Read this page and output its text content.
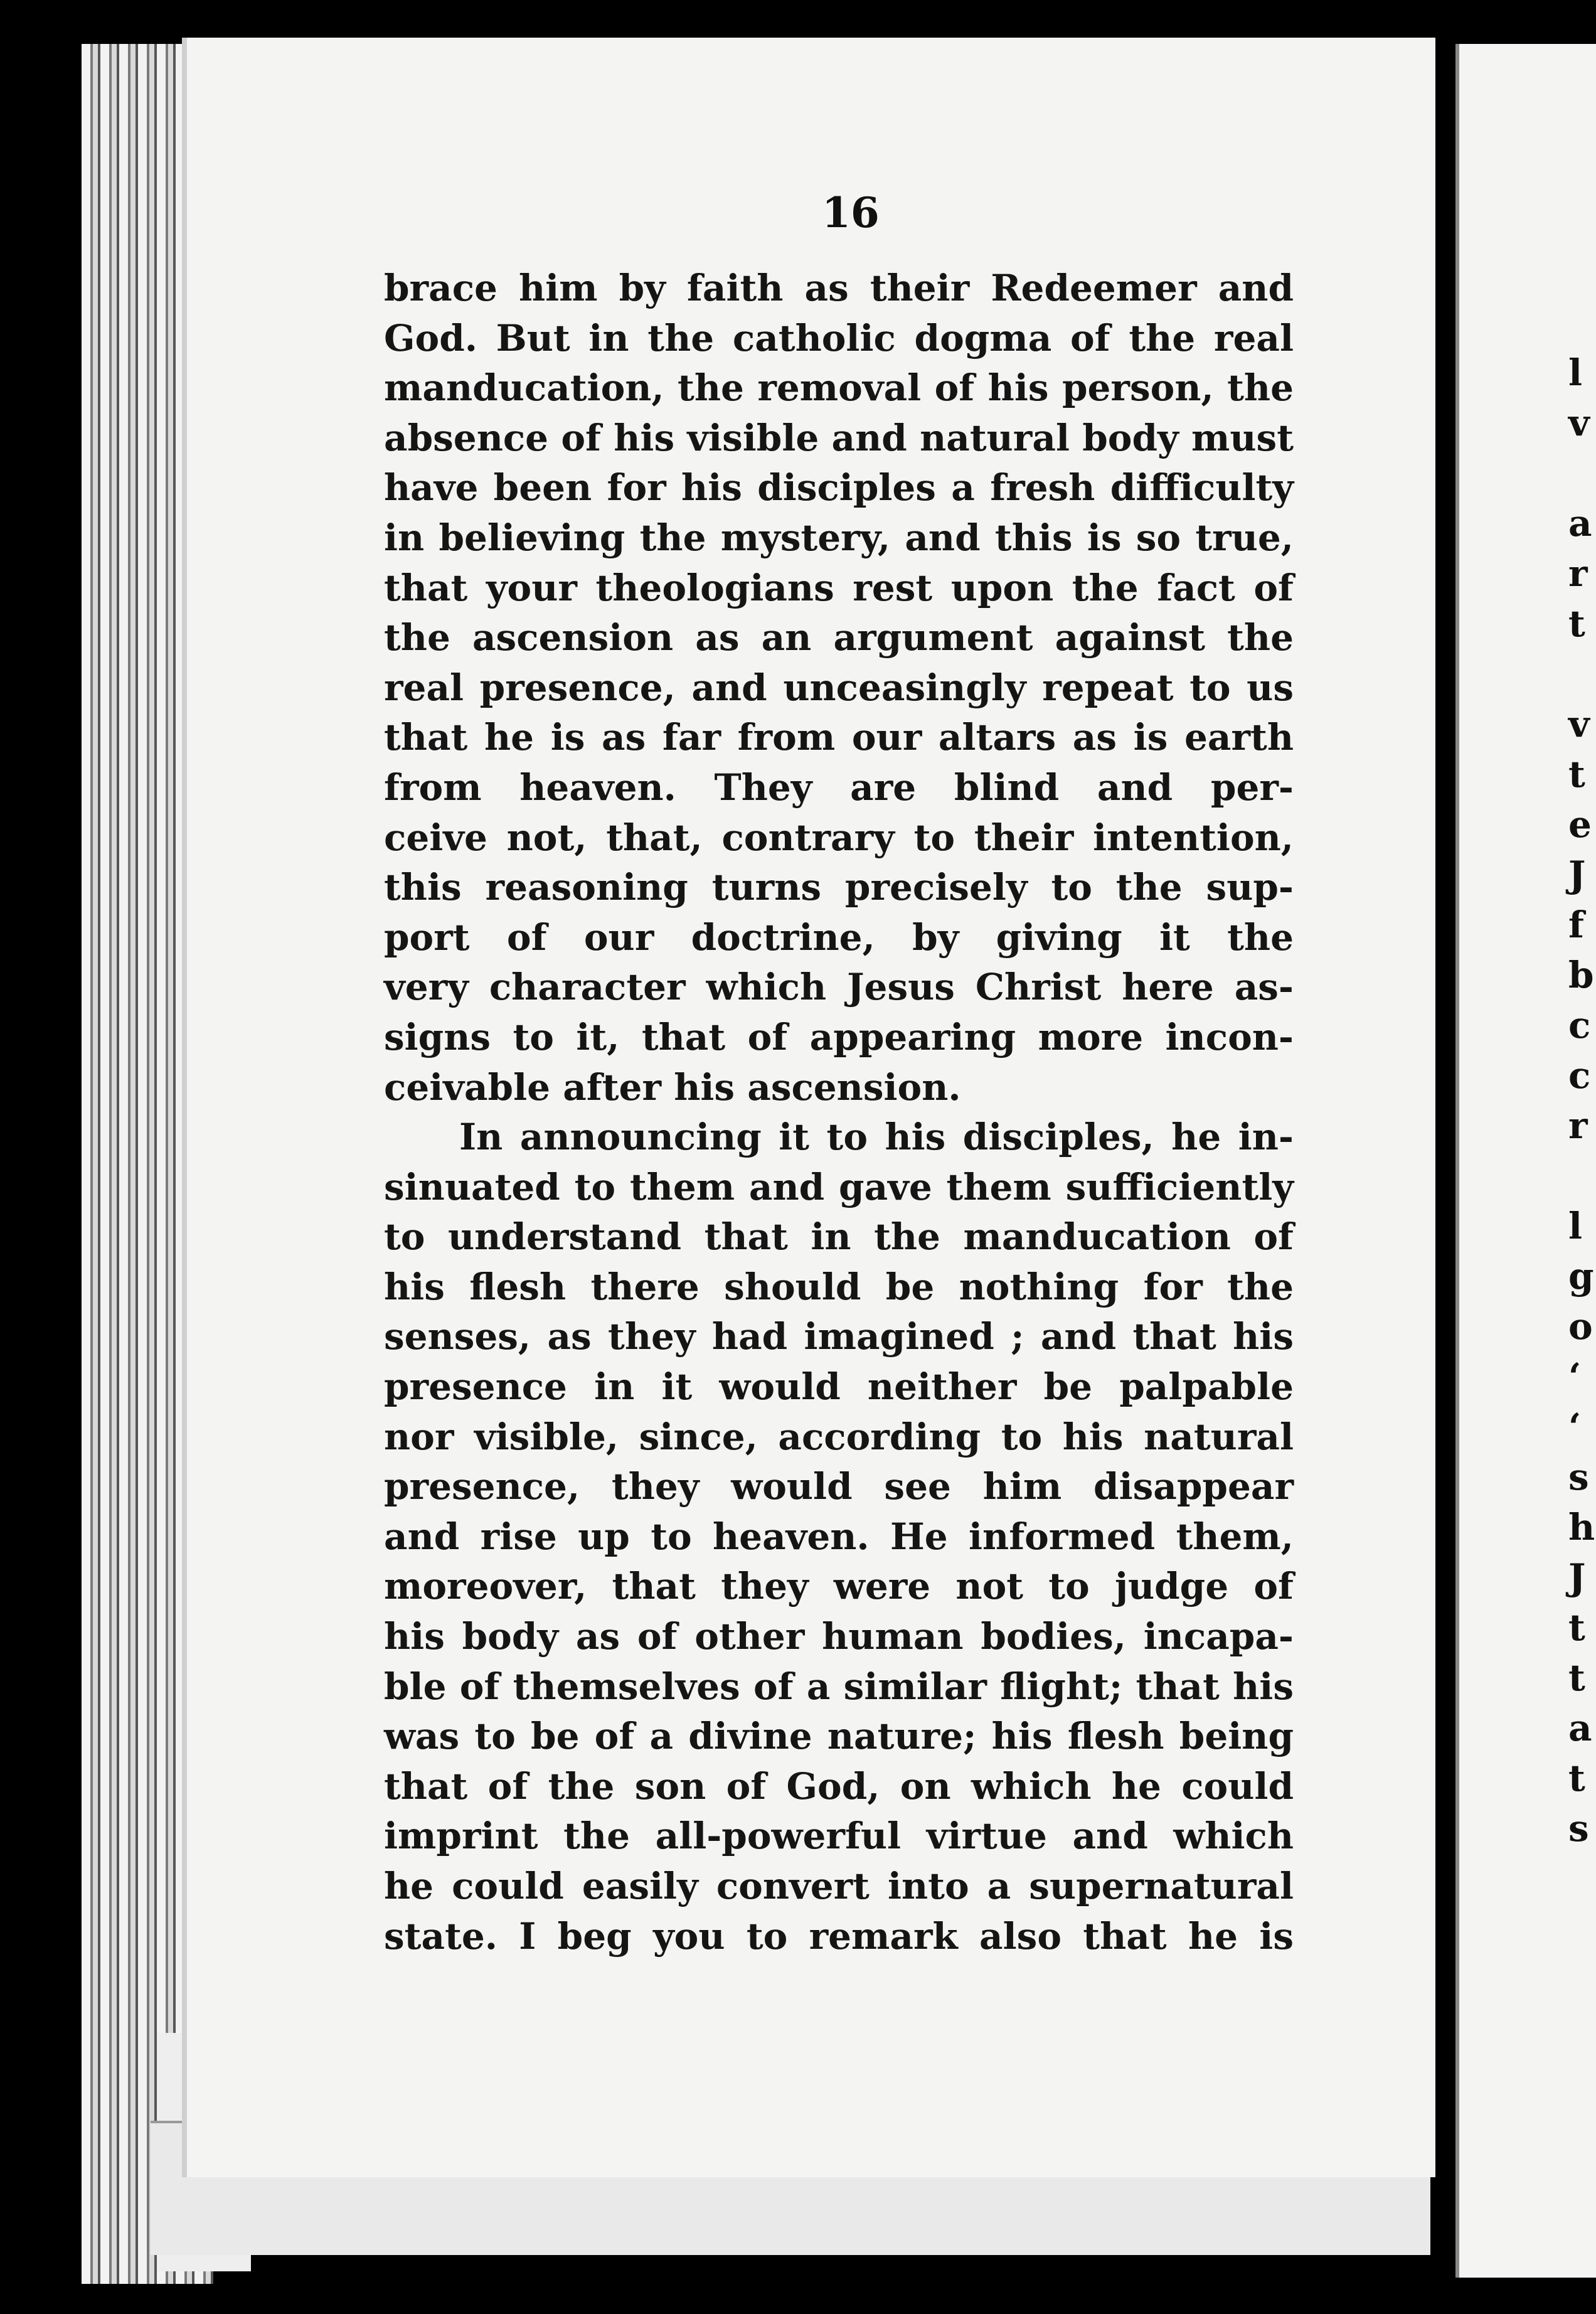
l
v
a
r
t
v
t
e
J
f
b
c
c
r
l
g
o
‘
‘
s
h
J
t
t
a
t
s
16
brace him by faith as their Redeemer and
God. But in the catholic dogma of the real
manducation, the removal of his person, the
absence of his visible and natural body must
have been for his disciples a fresh difficulty
in believing the mystery, and this is so true,
that your theologians rest upon the fact of
the ascension as an argument against the
real presence, and unceasingly repeat to us
that he is as far from our altars as is earth
from heaven. They are blind and per-
ceive not, that, contrary to their intention,
this reasoning turns precisely to the sup-
port of our doctrine, by giving it the
very character which Jesus Christ here as-
signs to it, that of appearing more incon-
ceivable after his ascension.
In announcing it to his disciples, he in-
sinuated to them and gave them sufficiently
to understand that in the manducation of
his flesh there should be nothing for the
senses, as they had imagined ; and that his
presence in it would neither be palpable
nor visible, since, according to his natural
presence, they would see him disappear
and rise up to heaven. He informed them,
moreover, that they were not to judge of
his body as of other human bodies, incapa-
ble of themselves of a similar flight; that his
was to be of a divine nature; his flesh being
that of the son of God, on which he could
imprint the all-powerful virtue and which
he could easily convert into a supernatural
state. I beg you to remark also that he is
